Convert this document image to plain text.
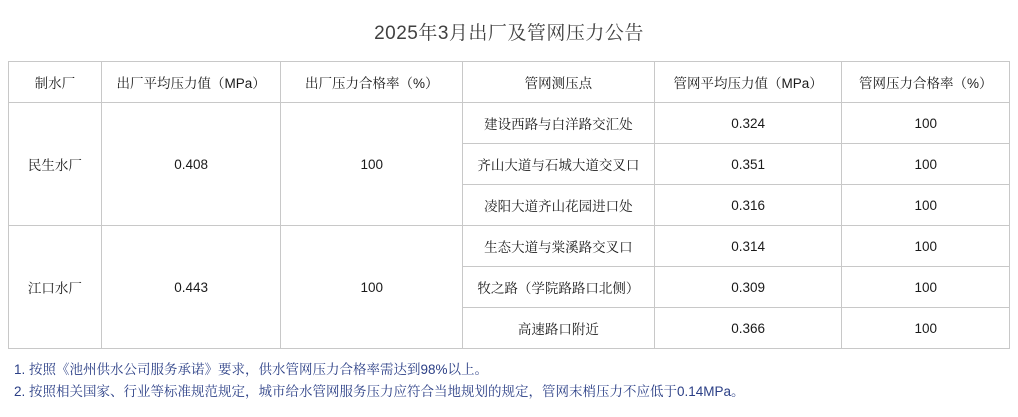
2025年3月出厂及管网压力公告
制水厂	出厂平均压力值（MPa）	出厂压力合格率（%）	管网测压点	管网平均压力值（MPa）	管网压力合格率（%）
民生水厂	0.408	100	建设西路与白洋路交汇处	0.324	100
			齐山大道与石城大道交叉口	0.351	100
			凌阳大道齐山花园进口处	0.316	100
江口水厂	0.443	100	生态大道与棠溪路交叉口	0.314	100
			牧之路（学院路路口北侧）	0.309	100
			高速路口附近	0.366	100
1. 按照《池州供水公司服务承诺》要求，供水管网压力合格率需达到98%以上。
2. 按照相关国家、行业等标准规范规定，城市给水管网服务压力应符合当地规划的规定，管网末梢压力不应低于0.14MPa。
